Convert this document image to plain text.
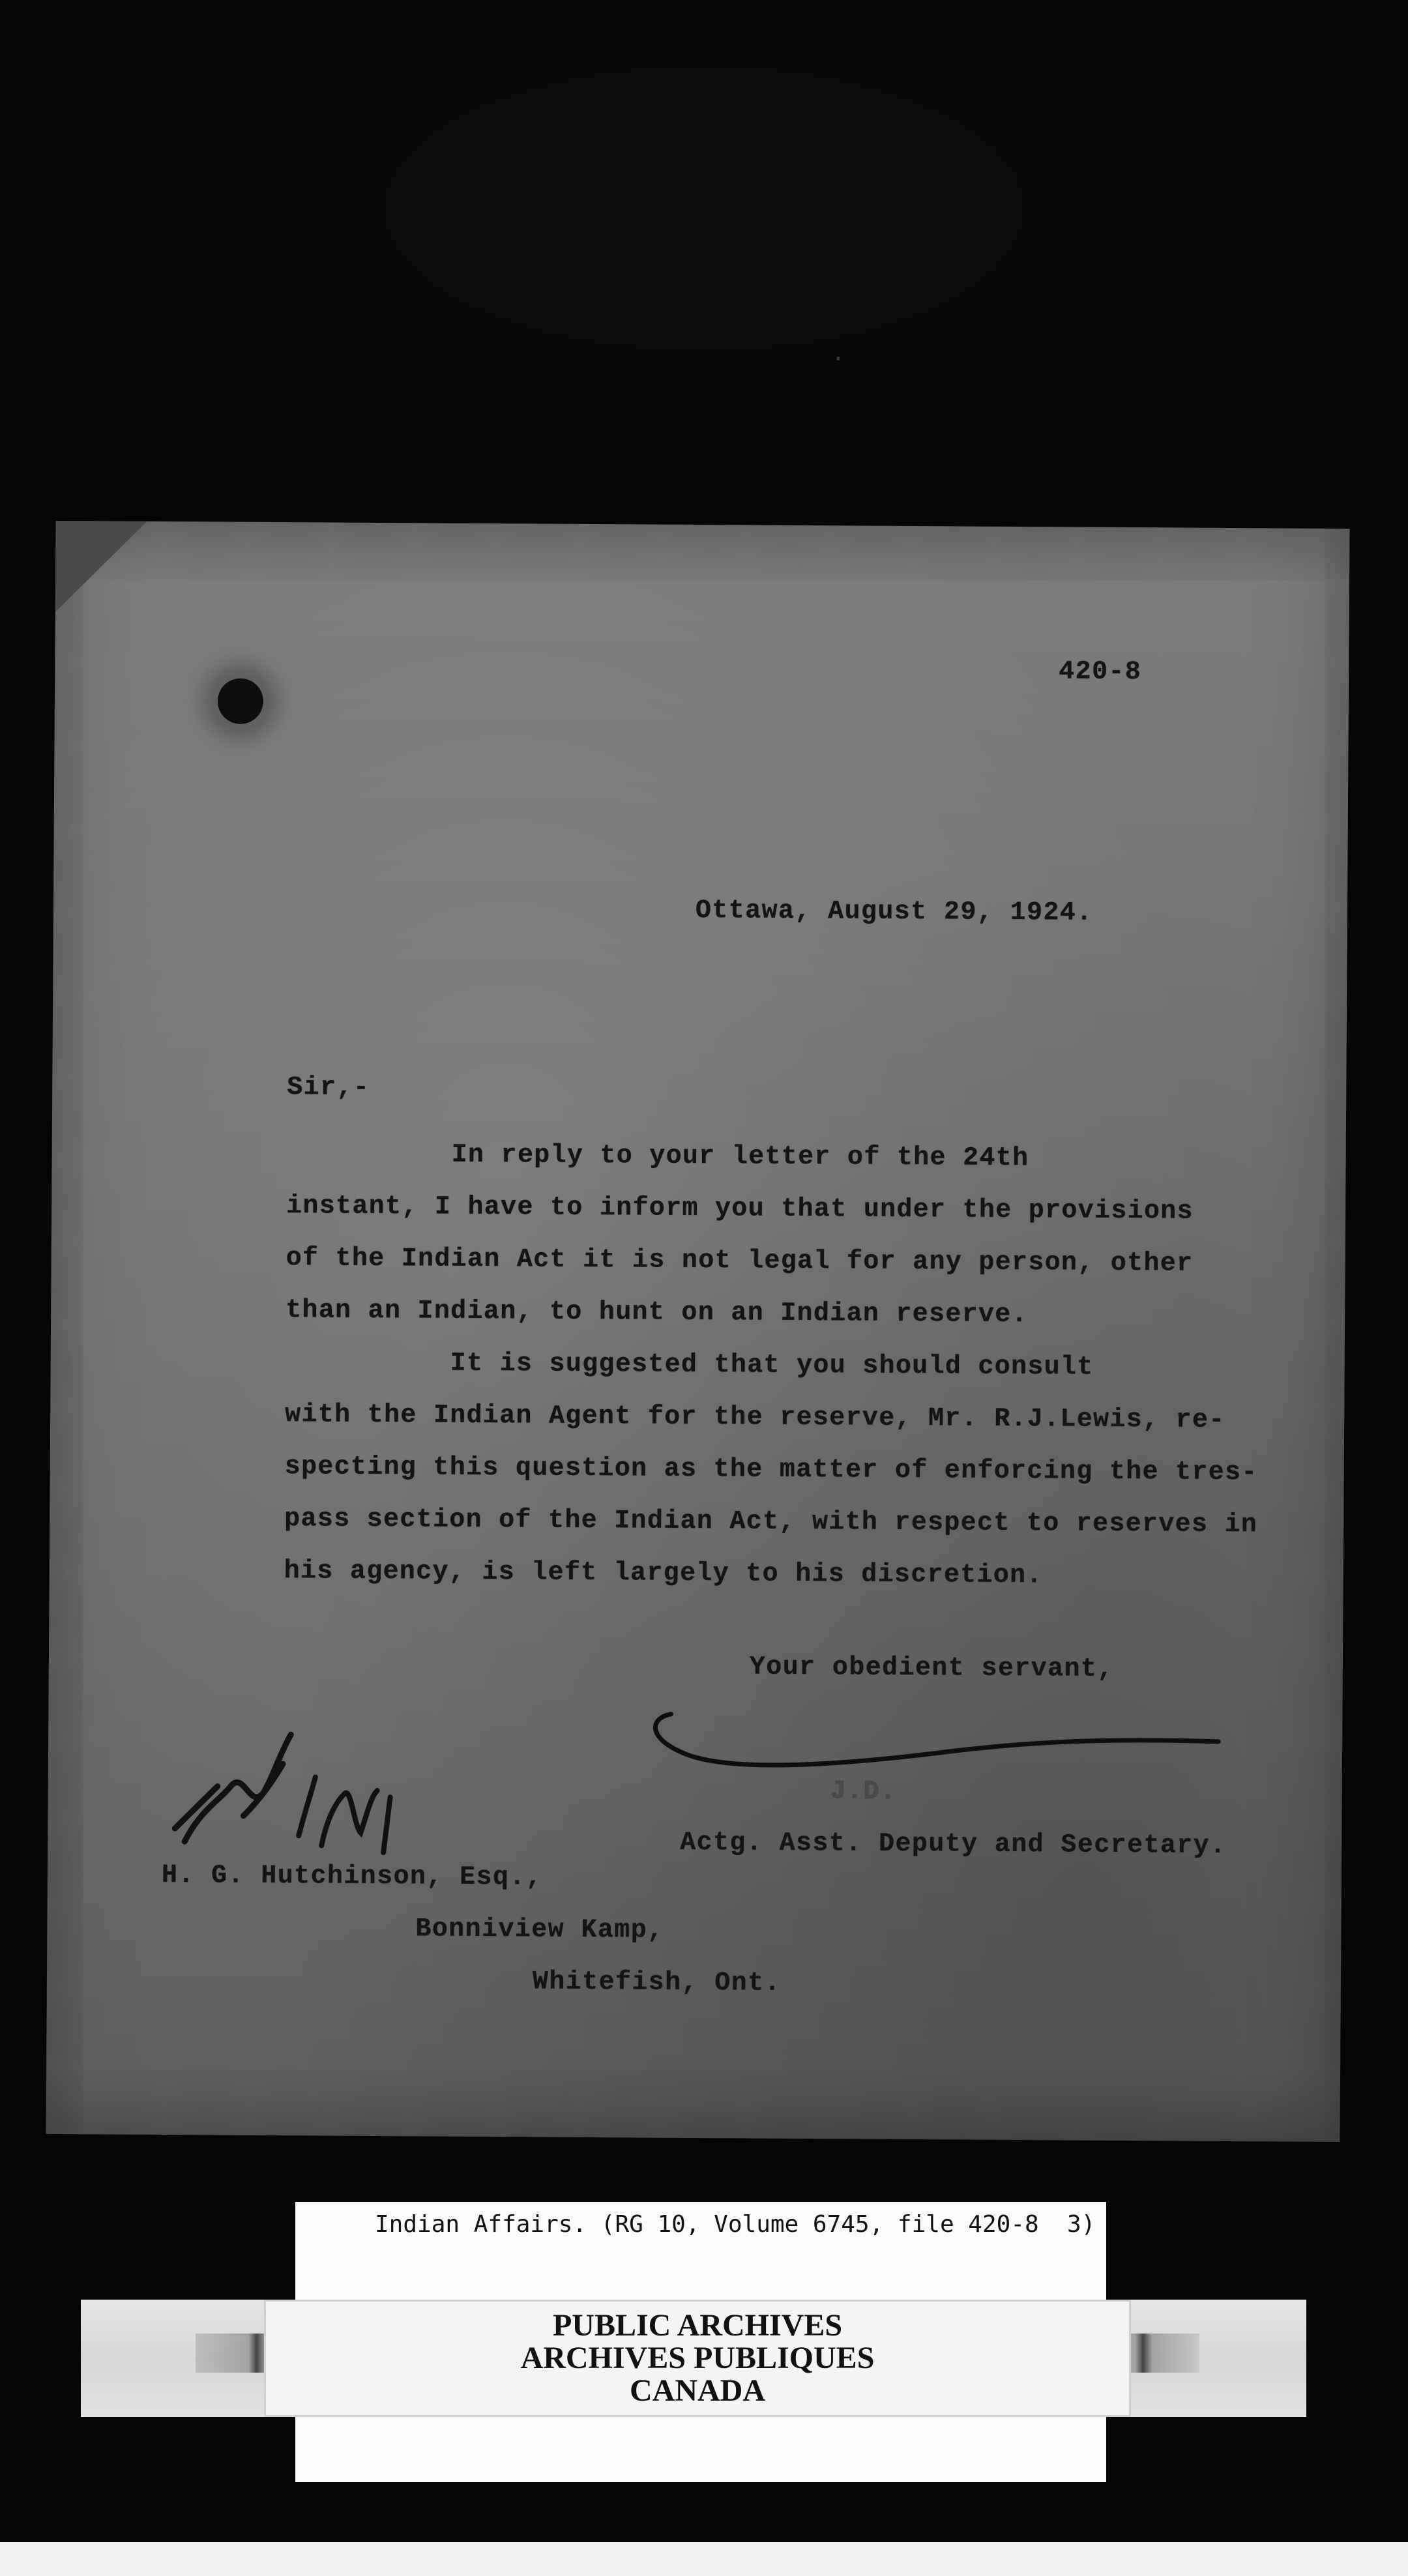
·
420-8
Ottawa, August 29, 1924.
Sir,-
In reply to your letter of the 24th
instant, I have to inform you that under the provisions
of the Indian Act it is not legal for any person, other
than an Indian, to hunt on an Indian reserve.
It is suggested that you should consult
with the Indian Agent for the reserve, Mr. R.J.Lewis, re-
specting this question as the matter of enforcing the tres-
pass section of the Indian Act, with respect to reserves in
his agency, is left largely to his discretion.
Your obedient servant,
J.D.
Actg. Asst. Deputy and Secretary.
H. G. Hutchinson, Esq.,
Bonniview Kamp,
Whitefish, Ont.
Indian Affairs. (RG 10, Volume 6745, file 420-8  3)
PUBLIC ARCHIVES
ARCHIVES PUBLIQUES
CANADA
